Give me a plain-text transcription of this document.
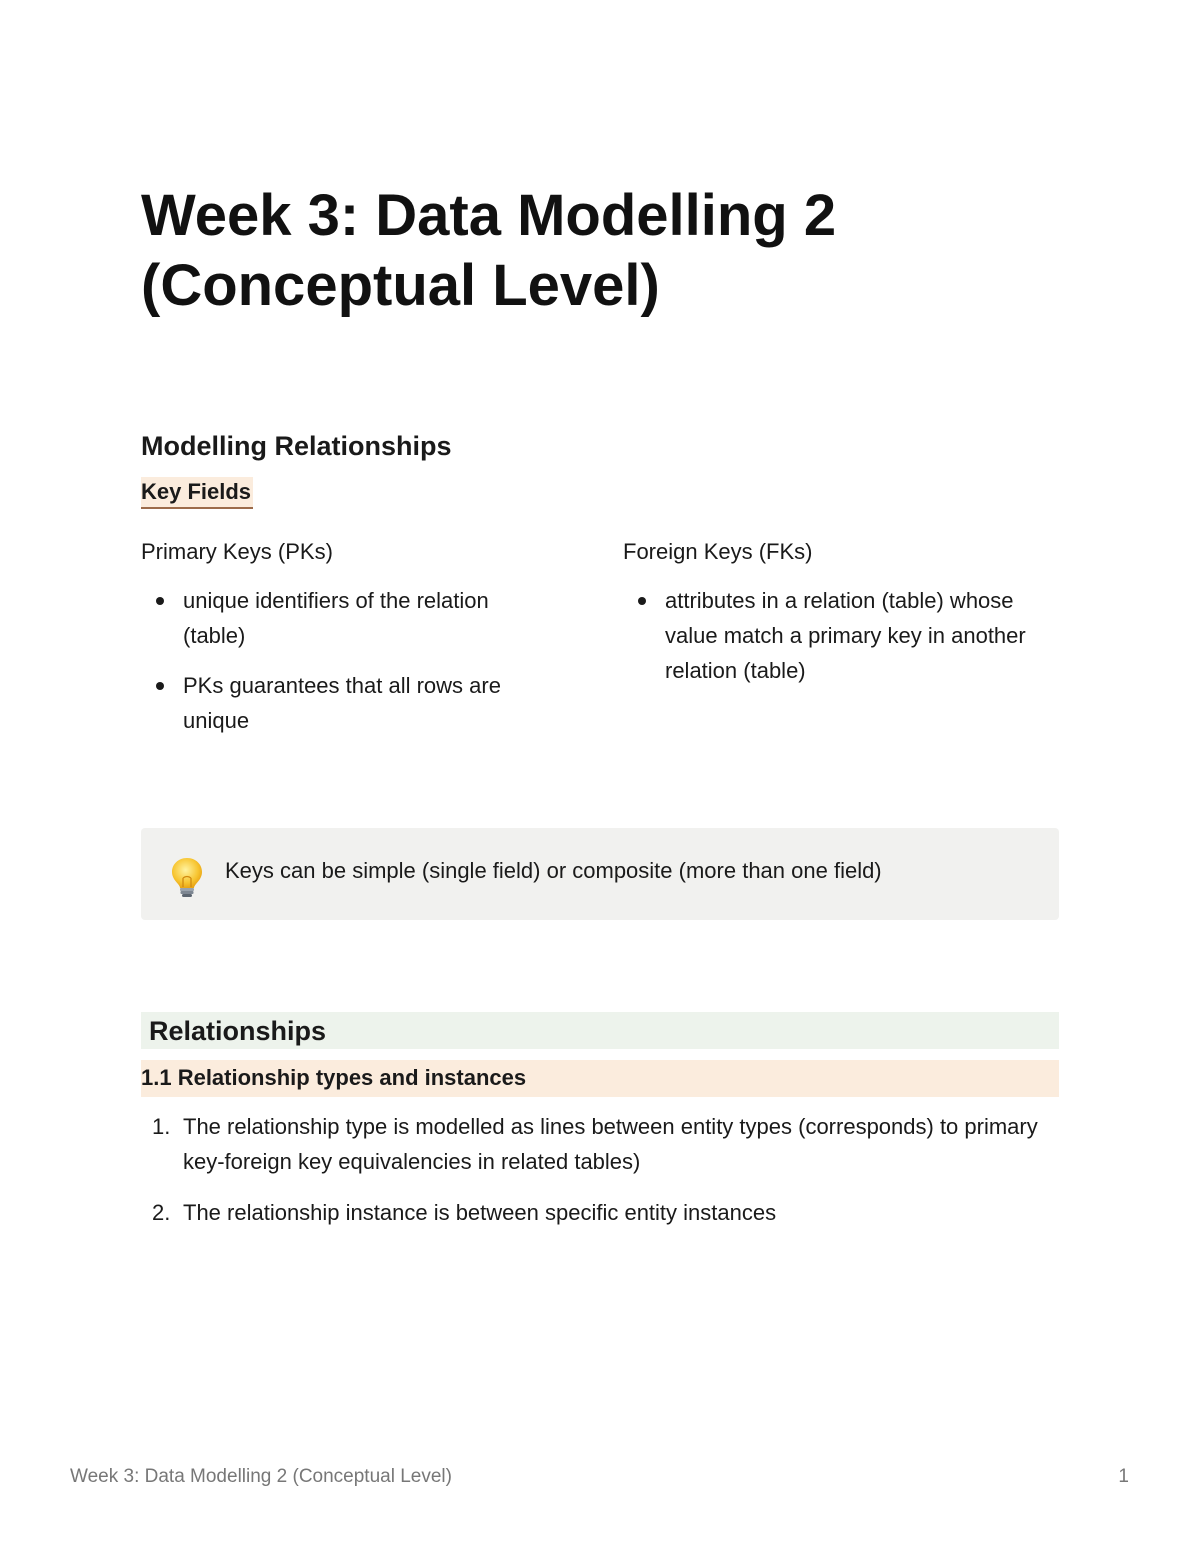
Week 3: Data Modelling 2
(Conceptual Level)
Modelling Relationships
Key Fields
Primary Keys (PKs)
unique identifiers of the relation (table)
PKs guarantees that all rows are unique
Foreign Keys (FKs)
attributes in a relation (table) whose value match a primary key in another relation (table)
Keys can be simple (single field) or composite (more than one field)
Relationships
1.1 Relationship types and instances
1. The relationship type is modelled as lines between entity types (corresponds) to primary key-foreign key equivalencies in related tables)
2. The relationship instance is between specific entity instances
Week 3: Data Modelling 2 (Conceptual Level)	1
